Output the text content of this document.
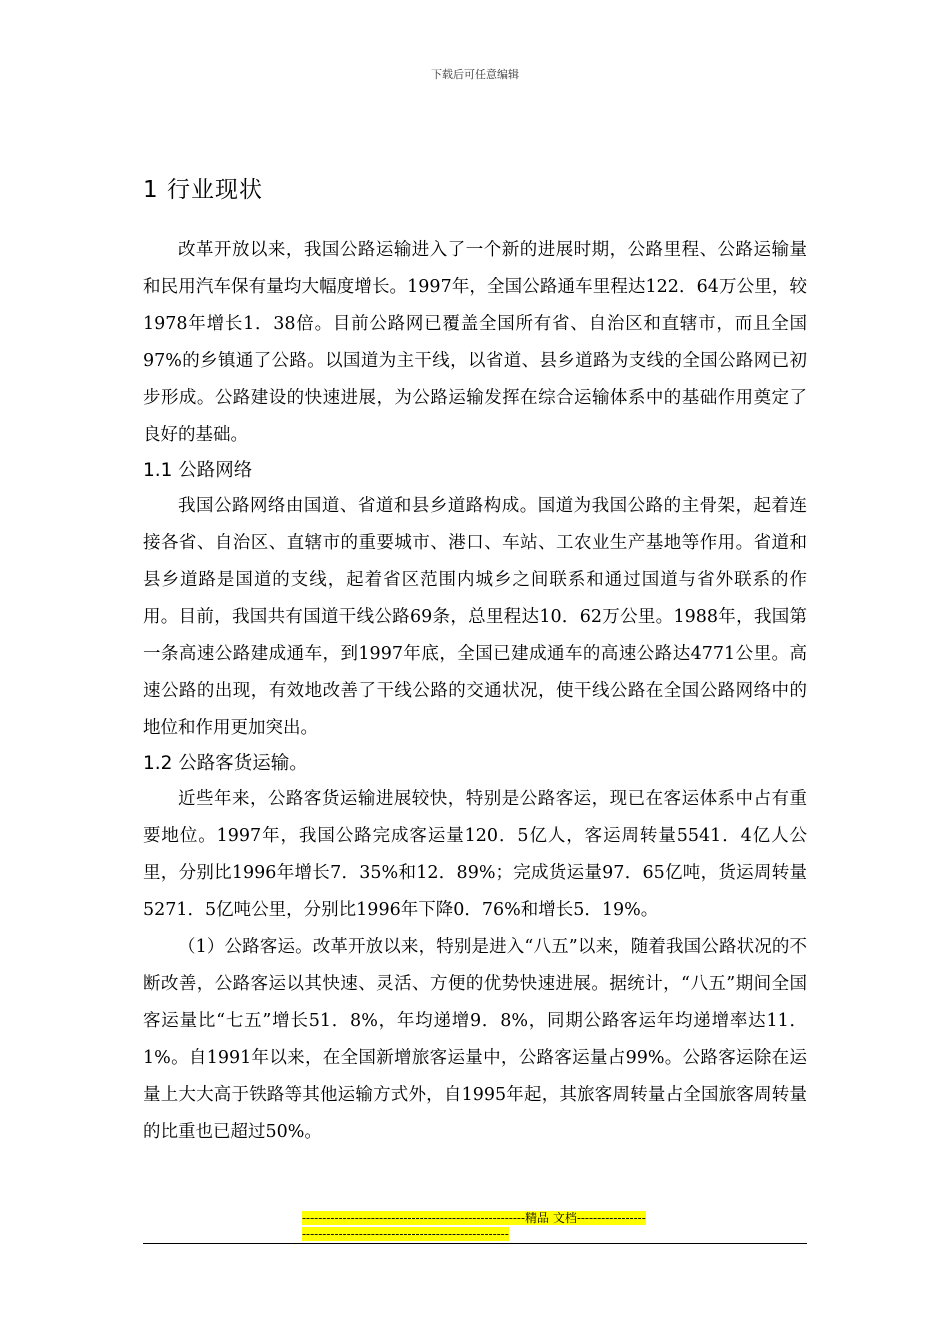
下载后可任意编辑
1 行业现状

改革开放以来，我国公路运输进入了一个新的进展时期，公路里程、公路运输量和民用汽车保有量均大幅度增长。1997年，全国公路通车里程达122．64万公里，较1978年增长1．38倍。目前公路网已覆盖全国所有省、自治区和直辖市，而且全国97%的乡镇通了公路。以国道为主干线，以省道、县乡道路为支线的全国公路网已初步形成。公路建设的快速进展，为公路运输发挥在综合运输体系中的基础作用奠定了良好的基础。

1.1 公路网络

我国公路网络由国道、省道和县乡道路构成。国道为我国公路的主骨架，起着连接各省、自治区、直辖市的重要城市、港口、车站、工农业生产基地等作用。省道和县乡道路是国道的支线，起着省区范围内城乡之间联系和通过国道与省外联系的作用。目前，我国共有国道干线公路69条，总里程达10．62万公里。1988年，我国第一条高速公路建成通车，到1997年底，全国已建成通车的高速公路达4771公里。高速公路的出现，有效地改善了干线公路的交通状况，使干线公路在全国公路网络中的地位和作用更加突出。

1.2 公路客货运输。

近些年来，公路客货运输进展较快，特别是公路客运，现已在客运体系中占有重要地位。1997年，我国公路完成客运量120．5亿人，客运周转量5541．4亿人公里，分别比1996年增长7．35%和12．89%；完成货运量97．65亿吨，货运周转量5271．5亿吨公里，分别比1996年下降0．76%和增长5．19%。

（1）公路客运。改革开放以来，特别是进入“八五”以来，随着我国公路状况的不断改善，公路客运以其快速、灵活、方便的优势快速进展。据统计，“八五”期间全国客运量比“七五”增长51．8%，年均递增9．8%，同期公路客运年均递增率达11．1%。自1991年以来，在全国新增旅客运量中，公路客运量占99%。公路客运除在运量上大大高于铁路等其他运输方式外，自1995年起，其旅客周转量占全国旅客周转量的比重也已超过50%。

-------------------------------------------------------精品 文档--------------------------------------------------------------------
